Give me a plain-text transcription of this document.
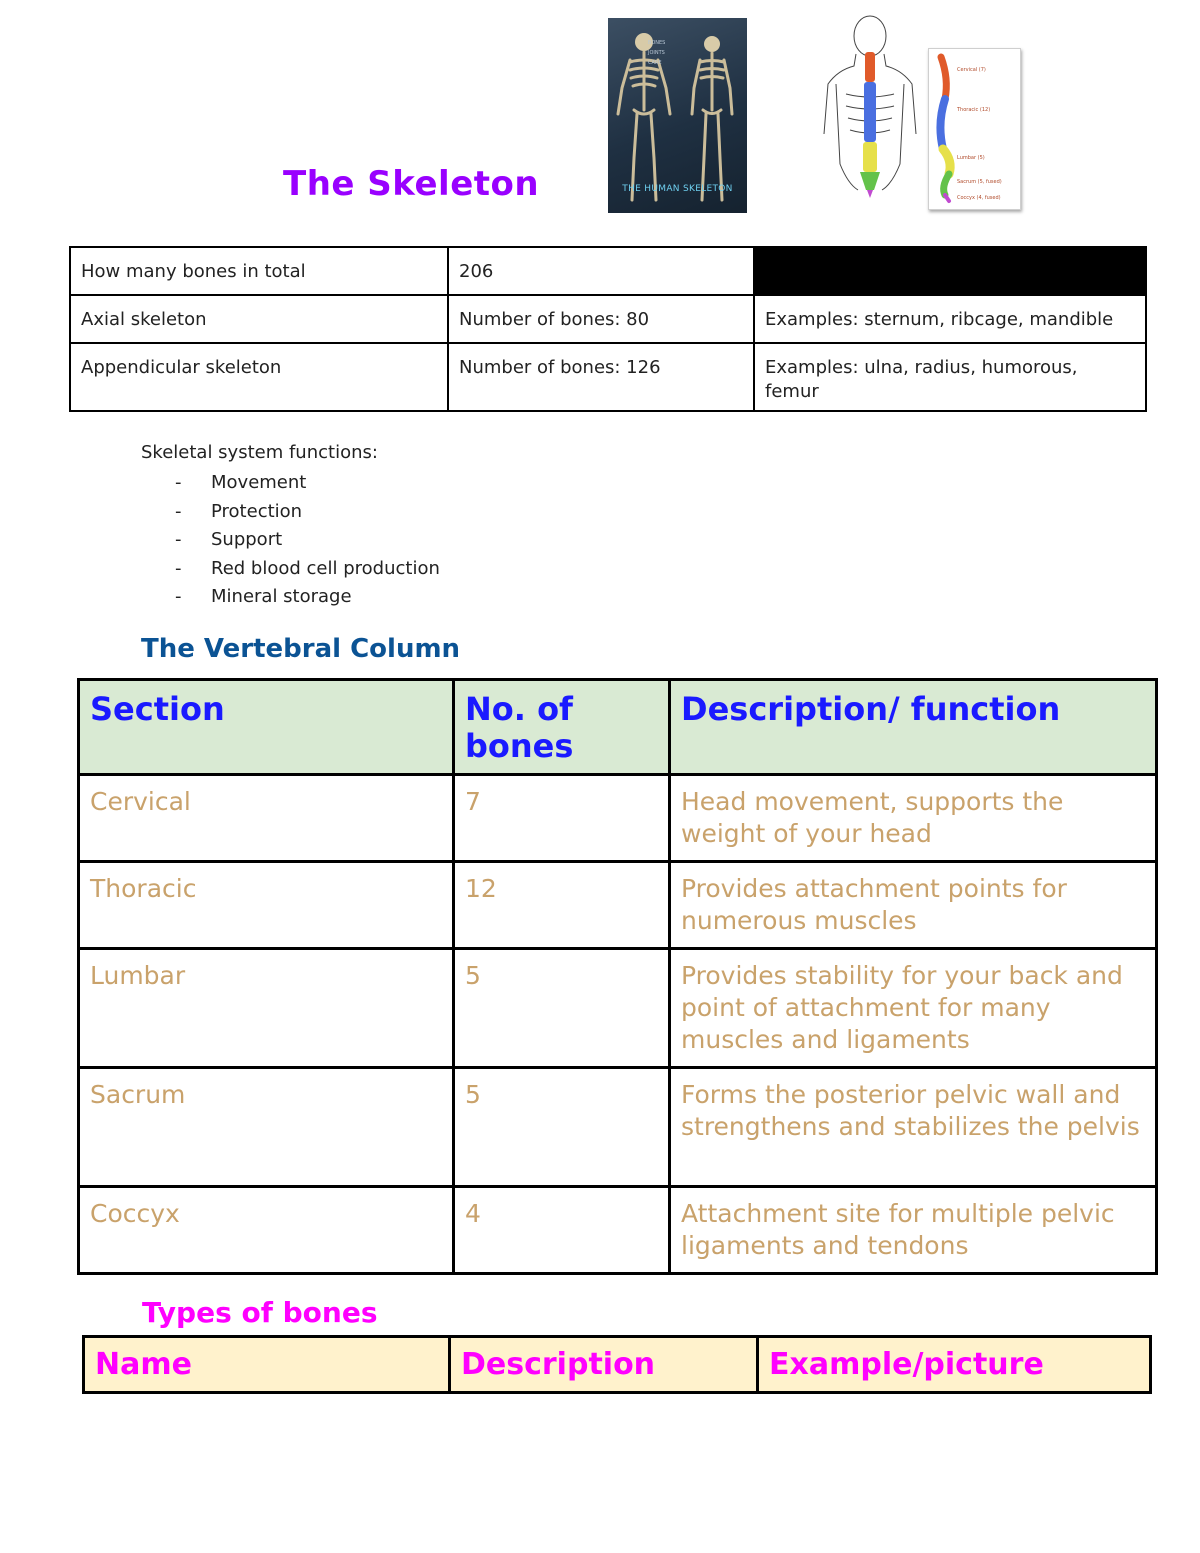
The Skeleton
BONES
JOINTS
CARE
THE HUMAN SKELETON
Cervical (7)
Thoracic (12)
Lumbar (5)
Sacrum (5, fused)
Coccyx (4, fused)
How many bones in total	206	
Axial skeleton	Number of bones: 80	Examples: sternum, ribcage, mandible
Appendicular skeleton	Number of bones: 126	Examples: ulna, radius, humorous, femur

Skeletal system functions:

- Movement
- Protection
- Support
- Red blood cell production
- Mineral storage
The Vertebral Column
Section	No. of bones	Description/ function
Cervical	7	Head movement, supports the weight of your head
Thoracic	12	Provides attachment points for numerous muscles
Lumbar	5	Provides stability for your back and point of attachment for many muscles and ligaments
Sacrum	5	Forms the posterior pelvic wall and strengthens and stabilizes the pelvis
Coccyx	4	Attachment site for multiple pelvic ligaments and tendons
Types of bones
Name	Description	Example/picture
